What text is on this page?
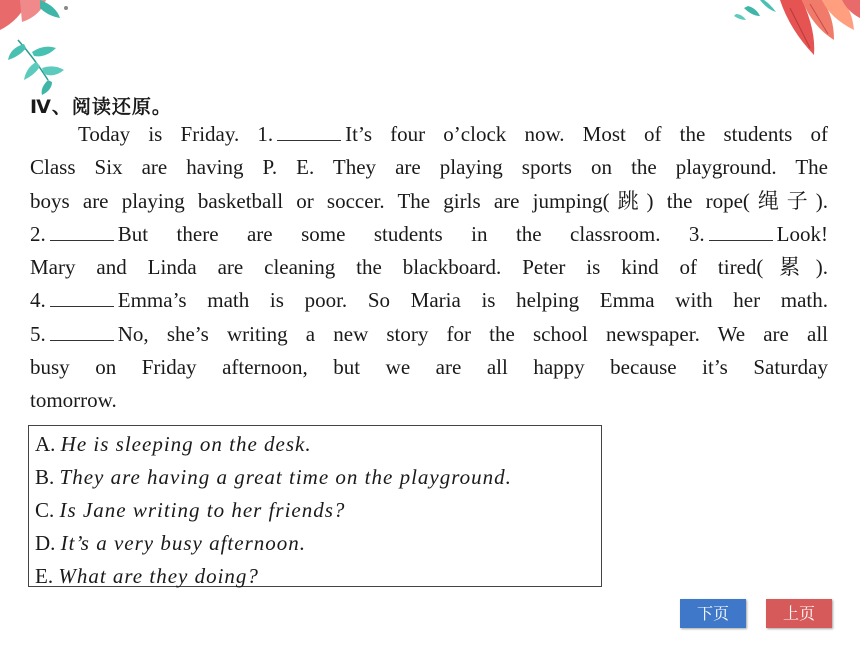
Ⅳ、阅读还原。
Today is Friday. 1.	It’s four o’clock now. Most of the students of
Class Six are having P. E. They are playing sports on the playground. The
boys are playing basketball or soccer. The girls are jumping(跳) the rope(绳子).
2.	But there are some students in the classroom. 3.	Look!
Mary and Linda are cleaning the blackboard. Peter is kind of tired(累).
4.	Emma’s math is poor. So Maria is helping Emma with her math.
5.	No, she’s writing a new story for the school newspaper. We are all
busy on Friday afternoon, but we are all happy because it’s Saturday
tomorrow.
A. He is sleeping on the desk.
B. They are having a great time on the playground.
C. Is Jane writing to her friends?
D. It’s a very busy afternoon.
E. What are they doing?
下页	上页
